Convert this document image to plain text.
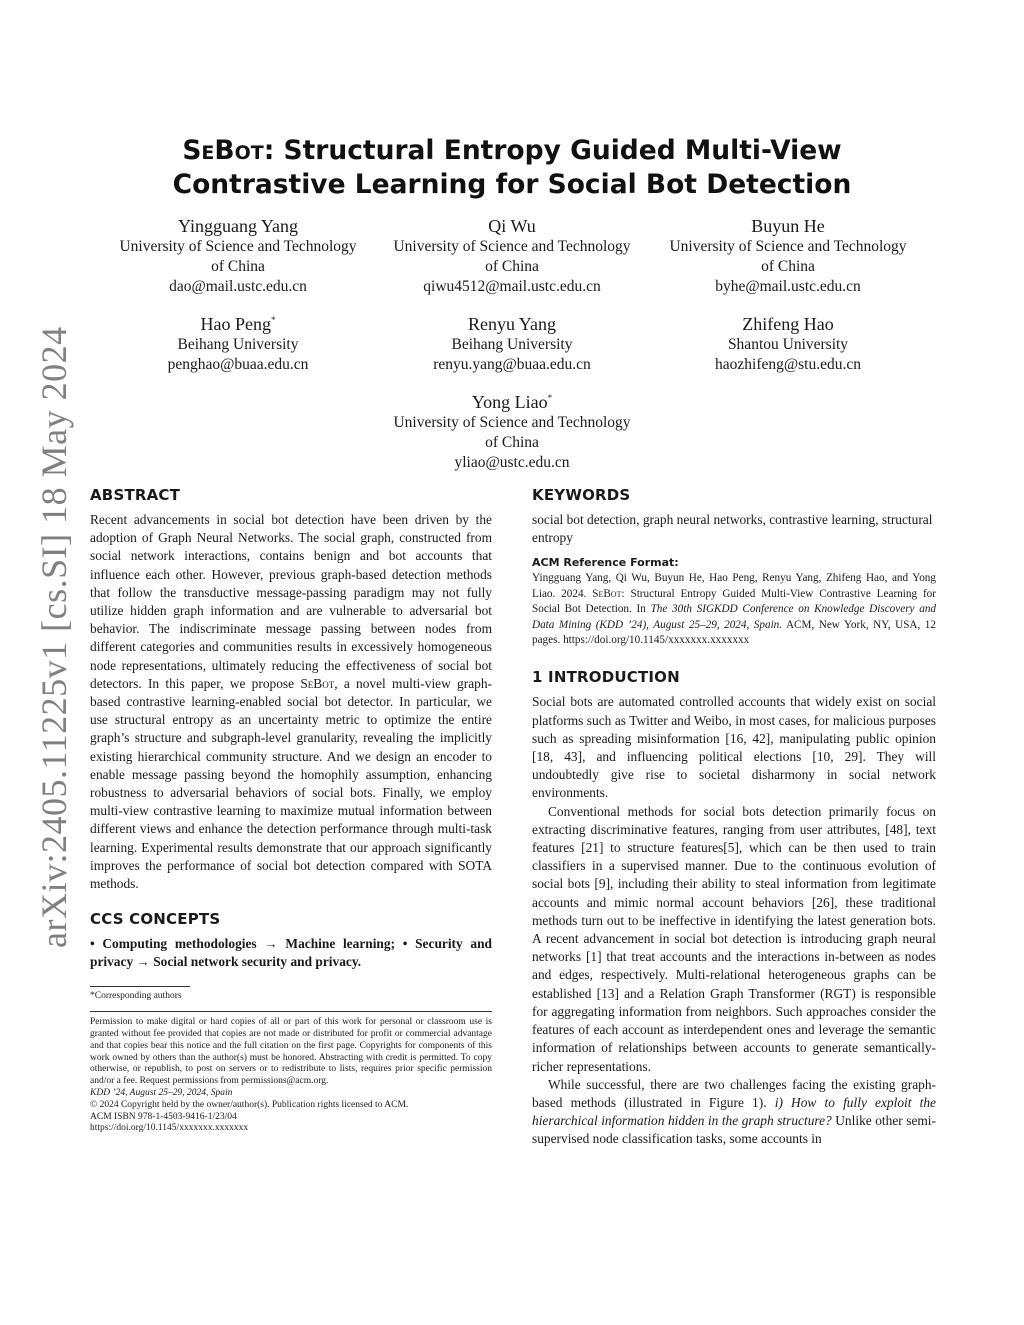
arXiv:2405.11225v1 [cs.SI] 18 May 2024
SeBot: Structural Entropy Guided Multi-View Contrastive Learning for Social Bot Detection
Yingguang Yang
University of Science and Technology
of China
dao@mail.ustc.edu.cn
Qi Wu
University of Science and Technology
of China
qiwu4512@mail.ustc.edu.cn
Buyun He
University of Science and Technology
of China
byhe@mail.ustc.edu.cn
Hao Peng*
Beihang University
penghao@buaa.edu.cn
Renyu Yang
Beihang University
renyu.yang@buaa.edu.cn
Zhifeng Hao
Shantou University
haozhifeng@stu.edu.cn
Yong Liao*
University of Science and Technology
of China
yliao@ustc.edu.cn
ABSTRACT

Recent advancements in social bot detection have been driven by the adoption of Graph Neural Networks. The social graph, constructed from social network interactions, contains benign and bot accounts that influence each other. However, previous graph-based detection methods that follow the transductive message-passing paradigm may not fully utilize hidden graph information and are vulnerable to adversarial bot behavior. The indiscriminate message passing between nodes from different categories and communities results in excessively homogeneous node representations, ultimately reducing the effectiveness of social bot detectors. In this paper, we propose SeBot, a novel multi-view graph-based contrastive learning-enabled social bot detector. In particular, we use structural entropy as an uncertainty metric to optimize the entire graph’s structure and subgraph-level granularity, revealing the implicitly existing hierarchical community structure. And we design an encoder to enable message passing beyond the homophily assumption, enhancing robustness to adversarial behaviors of social bots. Finally, we employ multi-view contrastive learning to maximize mutual information between different views and enhance the detection performance through multi-task learning. Experimental results demonstrate that our approach significantly improves the performance of social bot detection compared with SOTA methods.

CCS CONCEPTS

• Computing methodologies → Machine learning; • Security and privacy → Social network security and privacy.

*Corresponding authors

Permission to make digital or hard copies of all or part of this work for personal or classroom use is granted without fee provided that copies are not made or distributed for profit or commercial advantage and that copies bear this notice and the full citation on the first page. Copyrights for components of this work owned by others than the author(s) must be honored. Abstracting with credit is permitted. To copy otherwise, or republish, to post on servers or to redistribute to lists, requires prior specific permission and/or a fee. Request permissions from permissions@acm.org.

KDD ’24, August 25–29, 2024, Spain

© 2024 Copyright held by the owner/author(s). Publication rights licensed to ACM.

ACM ISBN 978-1-4503-9416-1/23/04

https://doi.org/10.1145/xxxxxxx.xxxxxxx

KEYWORDS

social bot detection, graph neural networks, contrastive learning, structural entropy

ACM Reference Format:

Yingguang Yang, Qi Wu, Buyun He, Hao Peng, Renyu Yang, Zhifeng Hao, and Yong Liao. 2024. SeBot: Structural Entropy Guided Multi-View Contrastive Learning for Social Bot Detection. In The 30th SIGKDD Conference on Knowledge Discovery and Data Mining (KDD ’24), August 25–29, 2024, Spain. ACM, New York, NY, USA, 12 pages. https://doi.org/10.1145/xxxxxxx.xxxxxxx

1 INTRODUCTION

Social bots are automated controlled accounts that widely exist on social platforms such as Twitter and Weibo, in most cases, for malicious purposes such as spreading misinformation [16, 42], manipulating public opinion [18, 43], and influencing political elections [10, 29]. They will undoubtedly give rise to societal disharmony in social network environments.

Conventional methods for social bots detection primarily focus on extracting discriminative features, ranging from user attributes, [48], text features [21] to structure features[5], which can be then used to train classifiers in a supervised manner. Due to the continuous evolution of social bots [9], including their ability to steal information from legitimate accounts and mimic normal account behaviors [26], these traditional methods turn out to be ineffective in identifying the latest generation bots. A recent advancement in social bot detection is introducing graph neural networks [1] that treat accounts and the interactions in-between as nodes and edges, respectively. Multi-relational heterogeneous graphs can be established [13] and a Relation Graph Transformer (RGT) is responsible for aggregating information from neighbors. Such approaches consider the features of each account as interdependent ones and leverage the semantic information of relationships between accounts to generate semantically-richer representations.

While successful, there are two challenges facing the existing graph-based methods (illustrated in Figure 1). i) How to fully exploit the hierarchical information hidden in the graph structure? Unlike other semi-supervised node classification tasks, some accounts in
